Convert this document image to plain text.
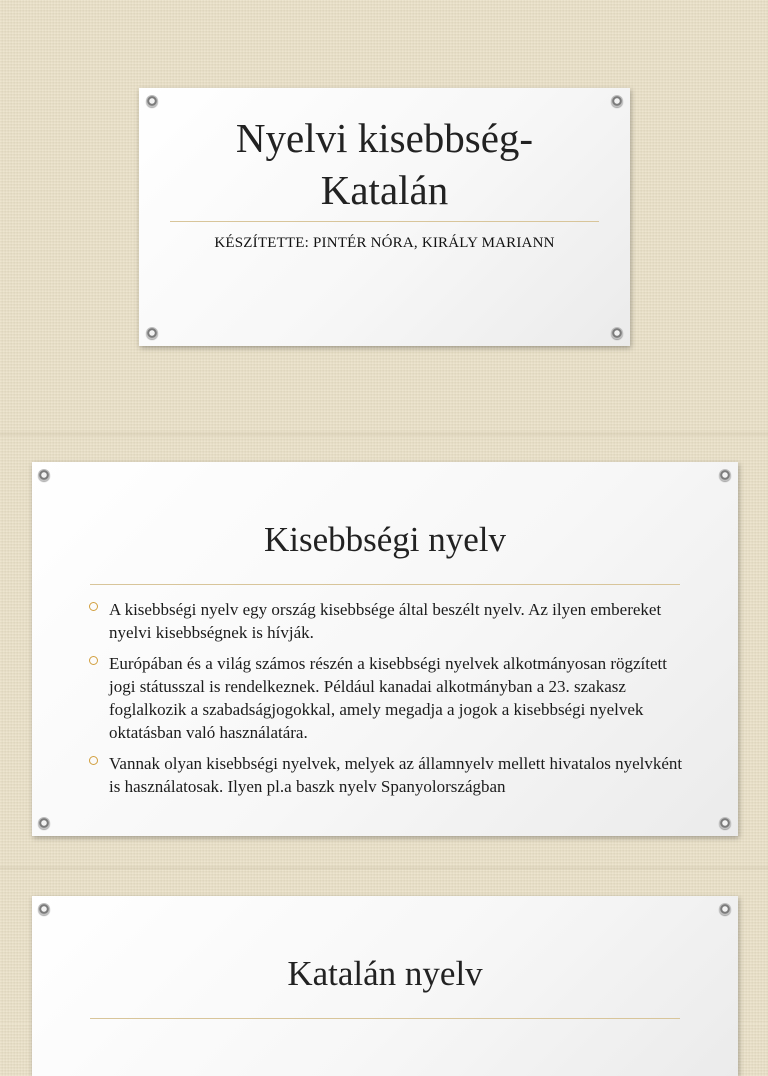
Nyelvi kisebbség-
Katalán
KÉSZÍTETTE: PINTÉR NÓRA, KIRÁLY MARIANN
Kisebbségi nyelv
A kisebbségi nyelv egy ország kisebbsége által beszélt nyelv. Az ilyen embereket nyelvi kisebbségnek is hívják.
Európában és a világ számos részén a kisebbségi nyelvek alkotmányosan rögzített jogi státusszal is rendelkeznek. Például kanadai alkotmányban a 23. szakasz foglalkozik a szabadságjogokkal, amely megadja a jogok a kisebbségi nyelvek oktatásban való használatára.
Vannak olyan kisebbségi nyelvek, melyek az államnyelv mellett hivatalos nyelvként is használatosak. Ilyen pl.a baszk nyelv Spanyolországban
Katalán nyelv
